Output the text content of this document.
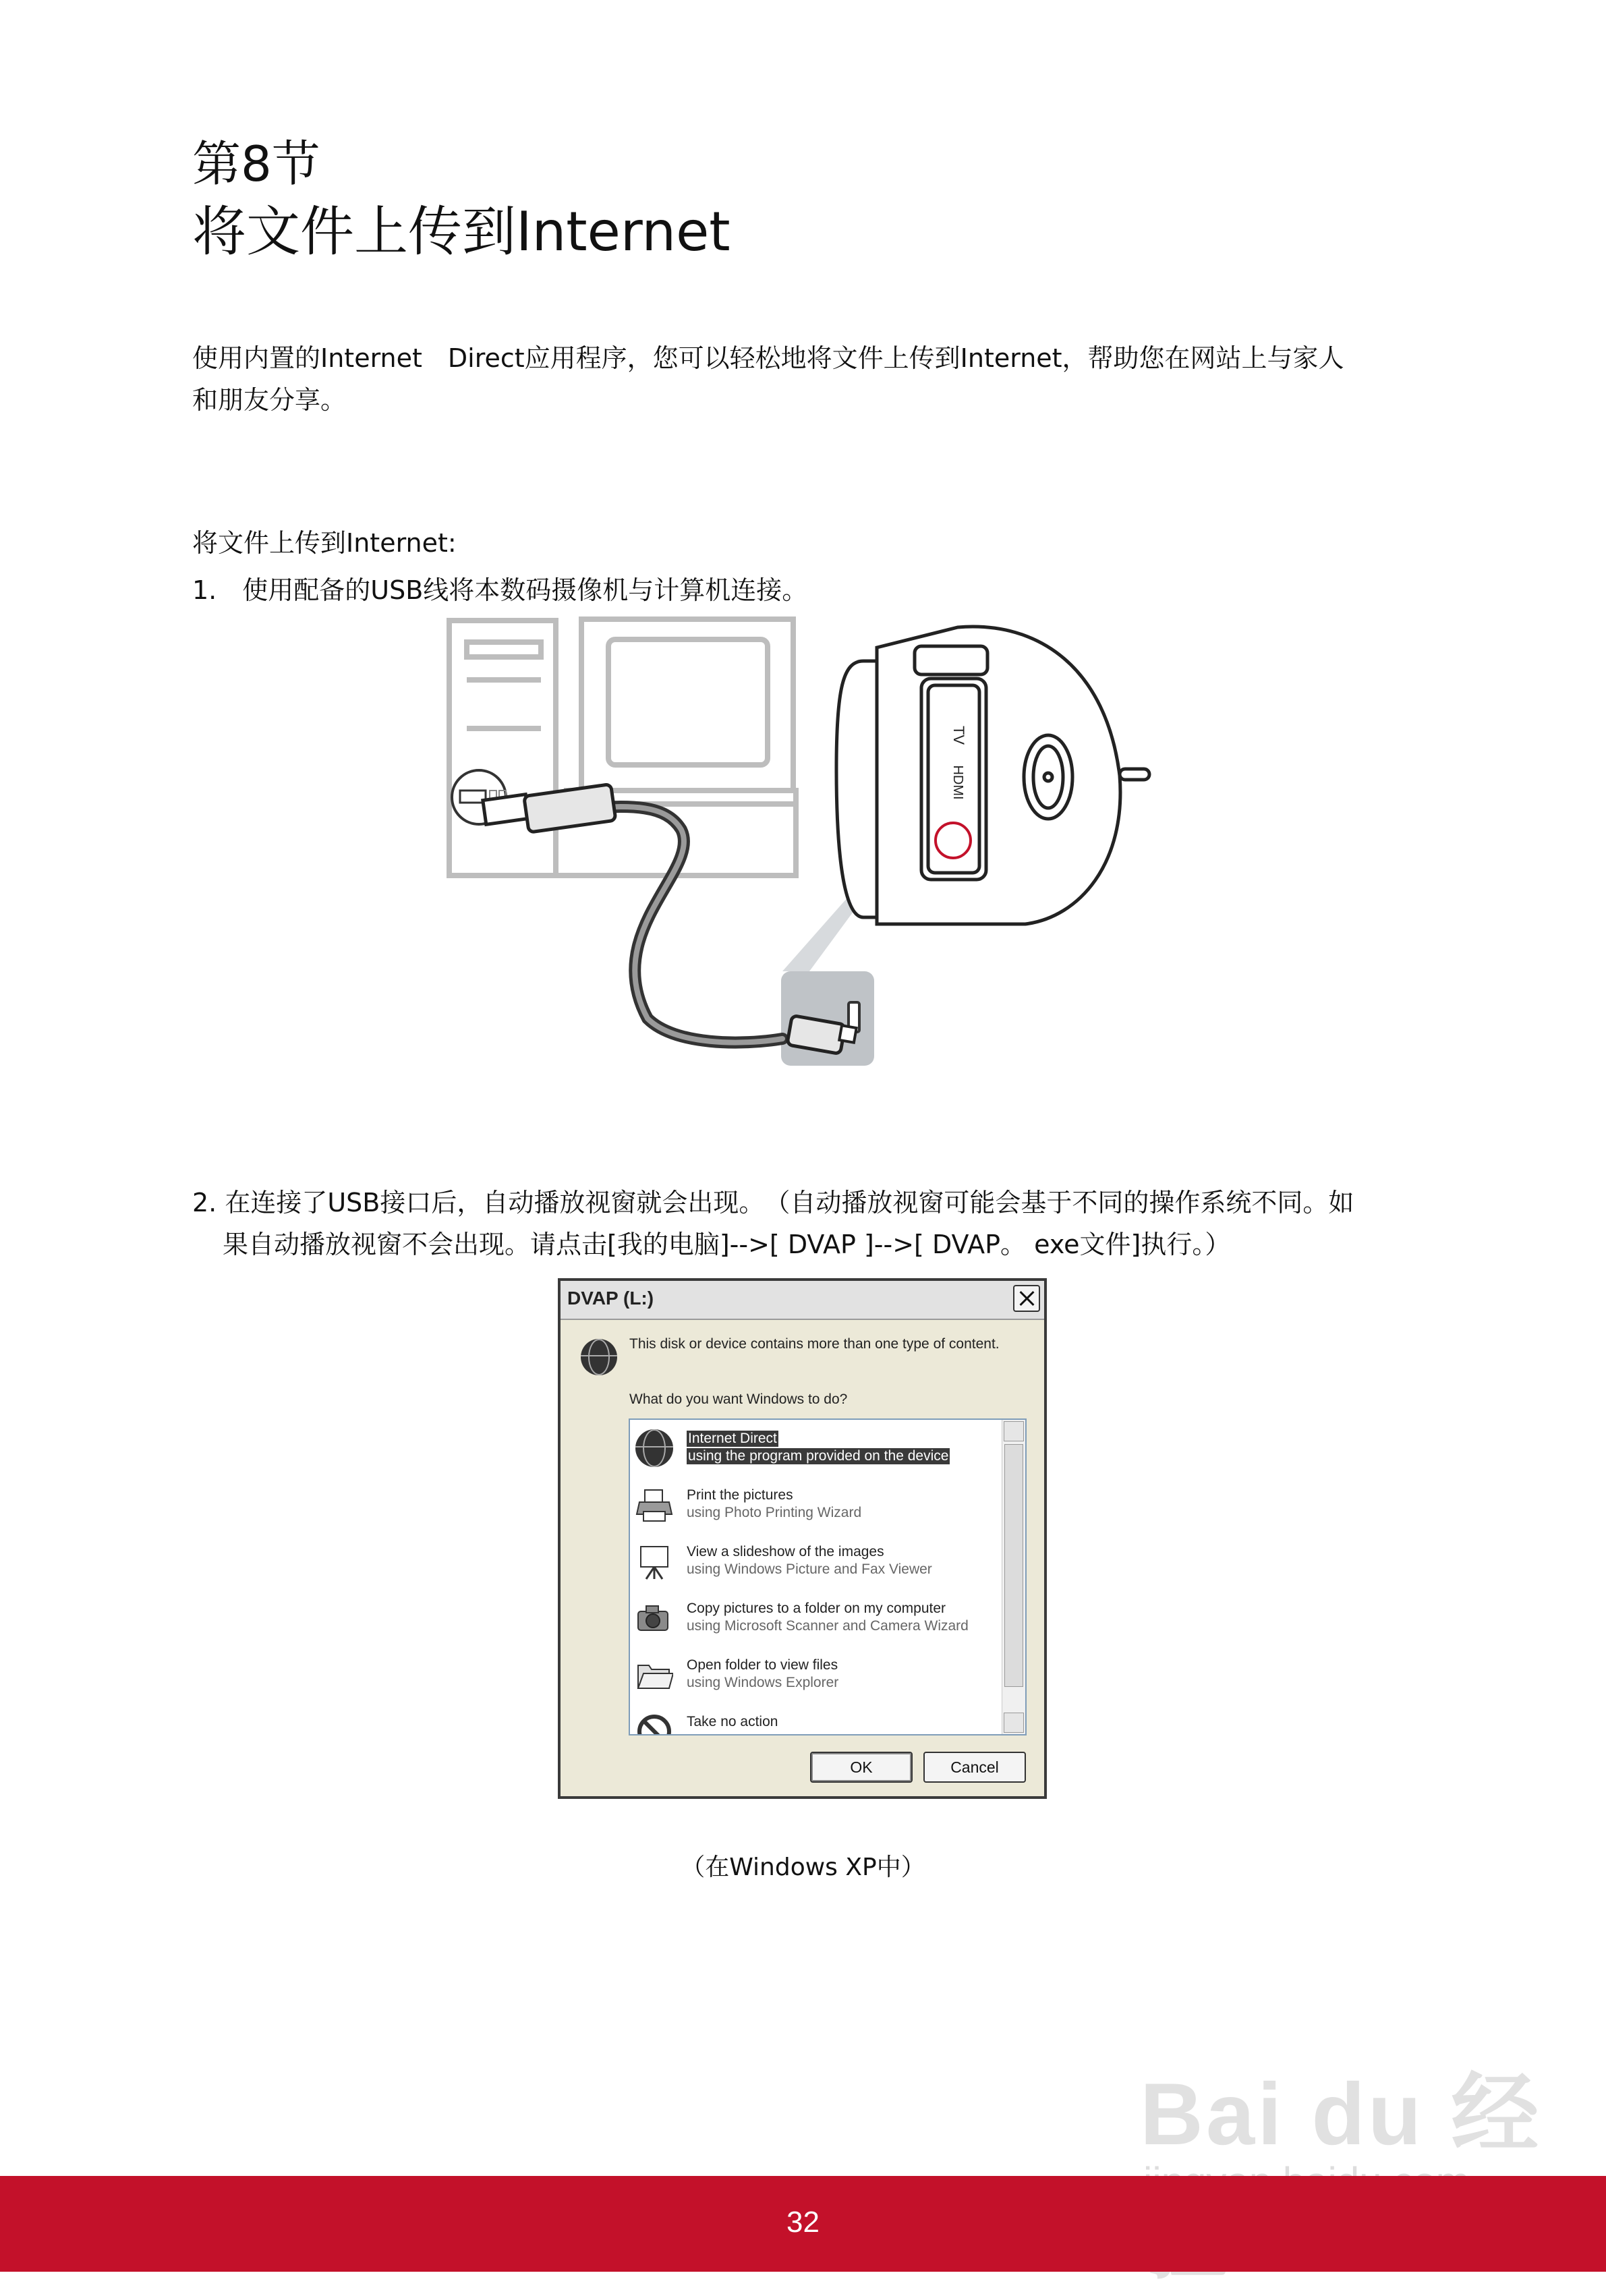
第8节
将文件上传到Internet
使用内置的Internet　Direct应用程序，您可以轻松地将文件上传到Internet，帮助您在网站上与家人
和朋友分享。
将文件上传到Internet:
1.　使用配备的USB线将本数码摄像机与计算机连接。
TV
HDMI
2. 在连接了USB接口后，自动播放视窗就会出现。　（自动播放视窗可能会基于不同的操作系统不同。如
果自动播放视窗不会出现。请点击[我的电脑]-->[ DVAP ]-->[ DVAP。 exe文件]执行。）
DVAP (L:)
This disk or device contains more than one type of content.
What do you want Windows to do?
Internet Direct
using the program provided on the device
Print the pictures
using Photo Printing Wizard
View a slideshow of the images
using Windows Picture and Fax Viewer
Copy pictures to a folder on my computer
using Microsoft Scanner and Camera Wizard
Open folder to view files
using Windows Explorer
Take no action
OK	Cancel
（在Windows XP中）
Bai du 经
32
